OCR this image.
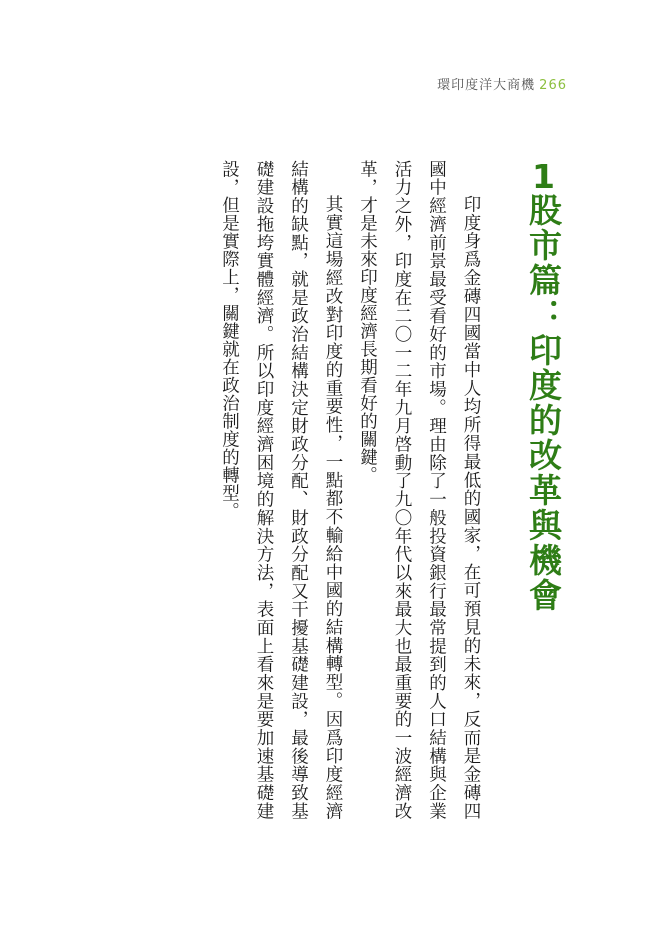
環印度洋大商機 266
1股市篇：印度的改革與機會

印度身爲金磚四國當中人均所得最低的國家，在可預見的未來，反而是金磚四國中經濟前景最受看好的市場。理由除了一般投資銀行最常提到的人口結構與企業活力之外，印度在二〇一二年九月啓動了九〇年代以來最大也最重要的一波經濟改革，才是未來印度經濟長期看好的關鍵。

其實這場經改對印度的重要性，一點都不輸給中國的結構轉型。因爲印度經濟結構的缺點，就是政治結構決定財政分配、財政分配又干擾基礎建設，最後導致基礎建設拖垮實體經濟。所以印度經濟困境的解決方法，表面上看來是要加速基礎建設，但是實際上，關鍵就在政治制度的轉型。
